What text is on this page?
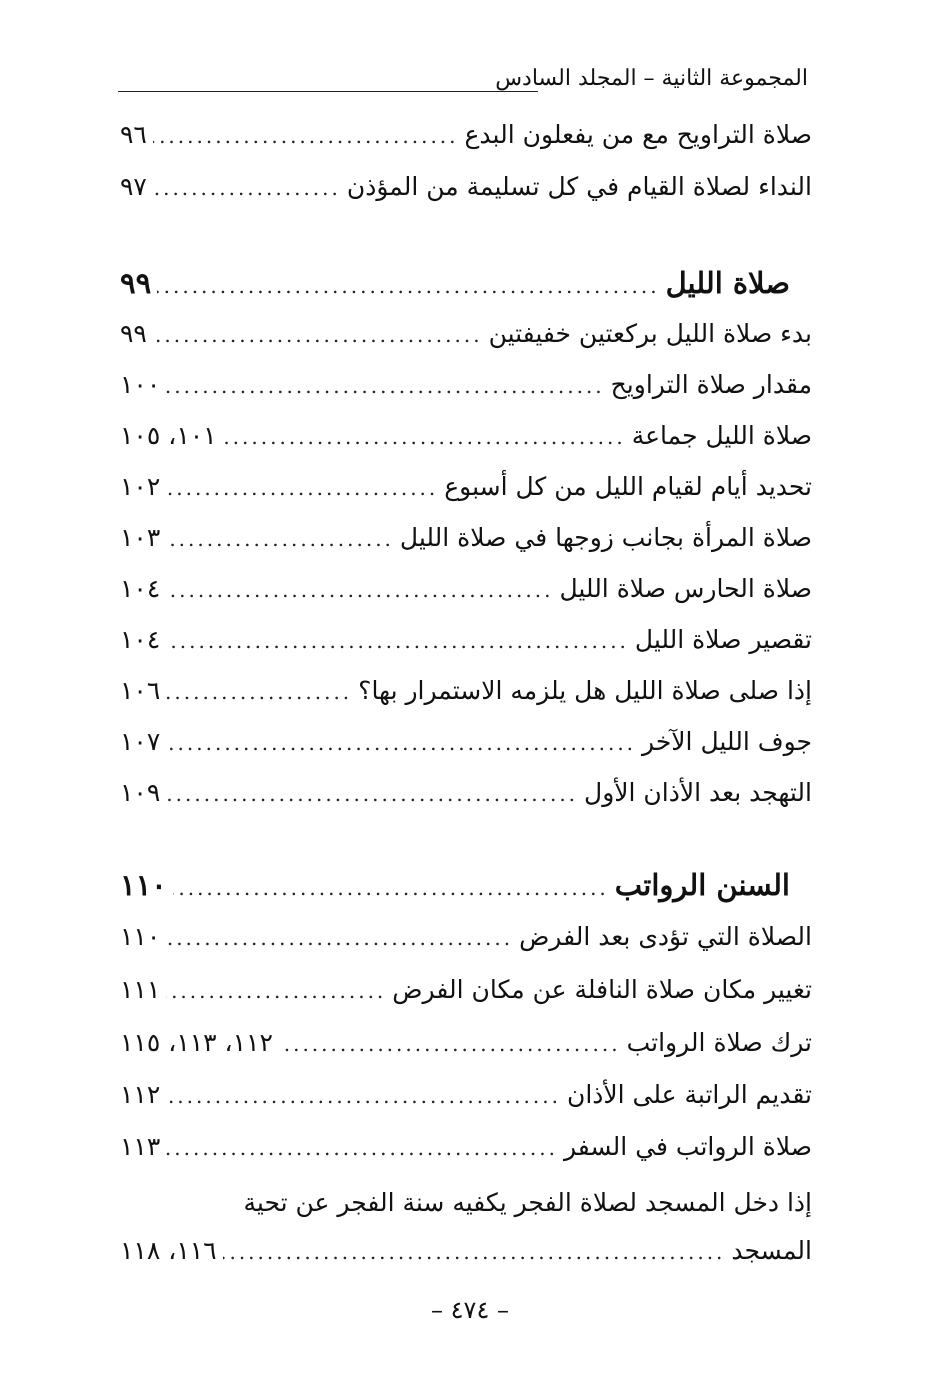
المجموعة الثانية – المجلد السادس
صلاة التراويح مع من يفعلون البدع
.....
٩٦
النداء لصلاة القيام في كل تسليمة من المؤذن
.....
٩٧
صلاة الليل
.....
٩٩
بدء صلاة الليل بركعتين خفيفتين
.....
٩٩
مقدار صلاة التراويح
.....
١٠٠
صلاة الليل جماعة
.....
١٠١، ١٠٥
تحديد أيام لقيام الليل من كل أسبوع
.....
١٠٢
صلاة المرأة بجانب زوجها في صلاة الليل
.....
١٠٣
صلاة الحارس صلاة الليل
.....
١٠٤
تقصير صلاة الليل
.....
١٠٤
إذا صلى صلاة الليل هل يلزمه الاستمرار بها؟
.....
١٠٦
جوف الليل الآخر
.....
١٠٧
التهجد بعد الأذان الأول
.....
١٠٩
السنن الرواتب
.....
١١٠
الصلاة التي تؤدى بعد الفرض
.....
١١٠
تغيير مكان صلاة النافلة عن مكان الفرض
.....
١١١
ترك صلاة الرواتب
.....
١١٢، ١١٣، ١١٥
تقديم الراتبة على الأذان
.....
١١٢
صلاة الرواتب في السفر
.....
١١٣
إذا دخل المسجد لصلاة الفجر يكفيه سنة الفجر عن تحية
المسجد
.....
١١٦، ١١٨
– ٤٧٤ –
